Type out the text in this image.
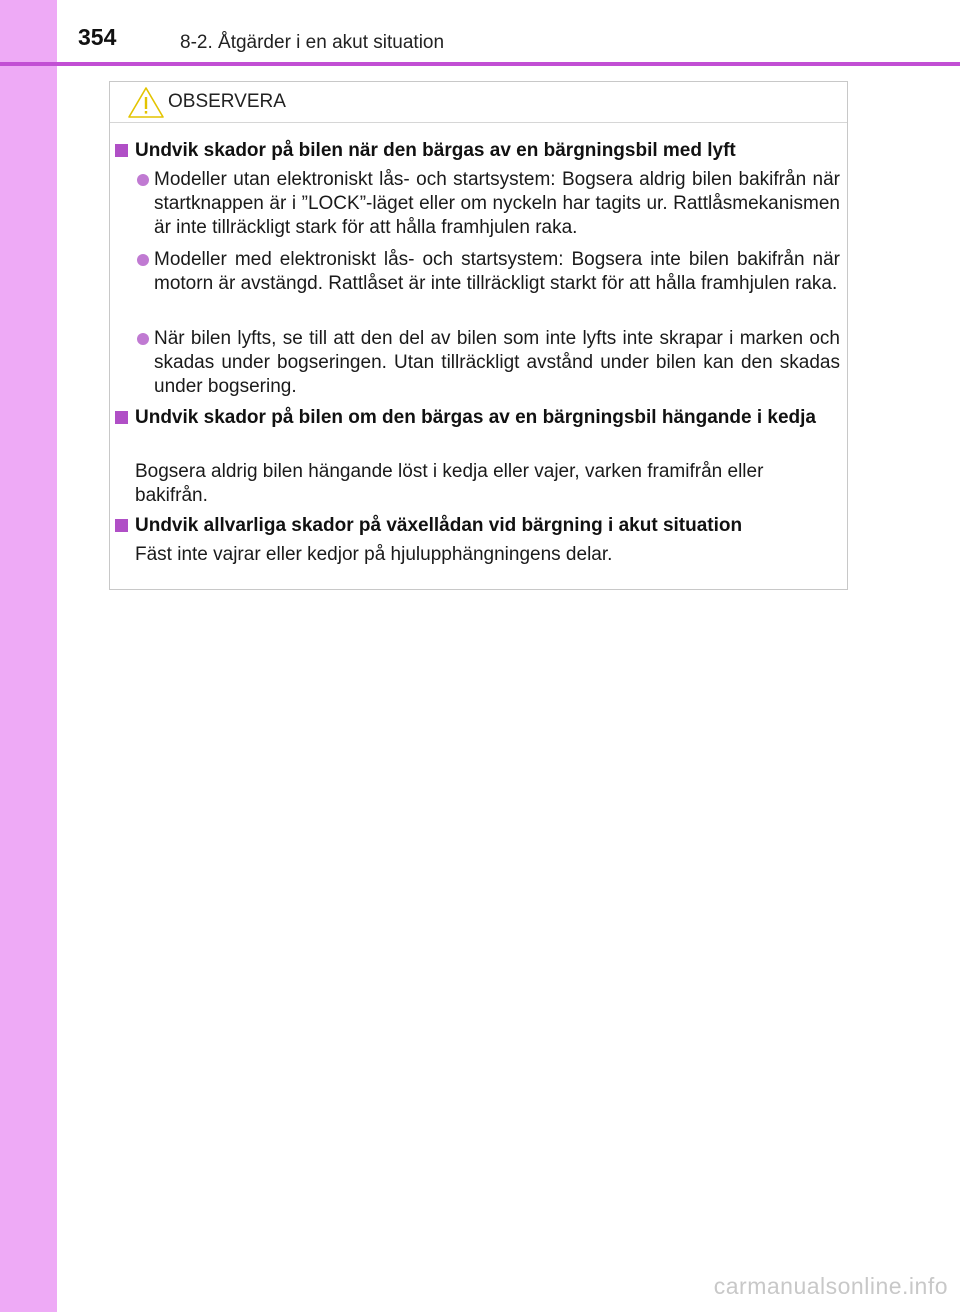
354	8-2. Åtgärder i en akut situation
OBSERVERA
Undvik skador på bilen när den bärgas av en bärgningsbil med lyft
Modeller utan elektroniskt lås- och startsystem: Bogsera aldrig bilen bakifrån när startknappen är i ”LOCK”-läget eller om nyckeln har tagits ur. Rattlåsmekanismen är inte tillräckligt stark för att hålla framhjulen raka.
Modeller med elektroniskt lås- och startsystem: Bogsera inte bilen bakifrån när motorn är avstängd. Rattlåset är inte tillräckligt starkt för att hålla framhjulen raka.
När bilen lyfts, se till att den del av bilen som inte lyfts inte skrapar i marken och skadas under bogseringen. Utan tillräckligt avstånd under bilen kan den skadas under bogsering.
Undvik skador på bilen om den bärgas av en bärgningsbil hängande i kedja
Bogsera aldrig bilen hängande löst i kedja eller vajer, varken framifrån eller bakifrån.
Undvik allvarliga skador på växellådan vid bärgning i akut situation
Fäst inte vajrar eller kedjor på hjulupphängningens delar.
carmanualsonline.info
